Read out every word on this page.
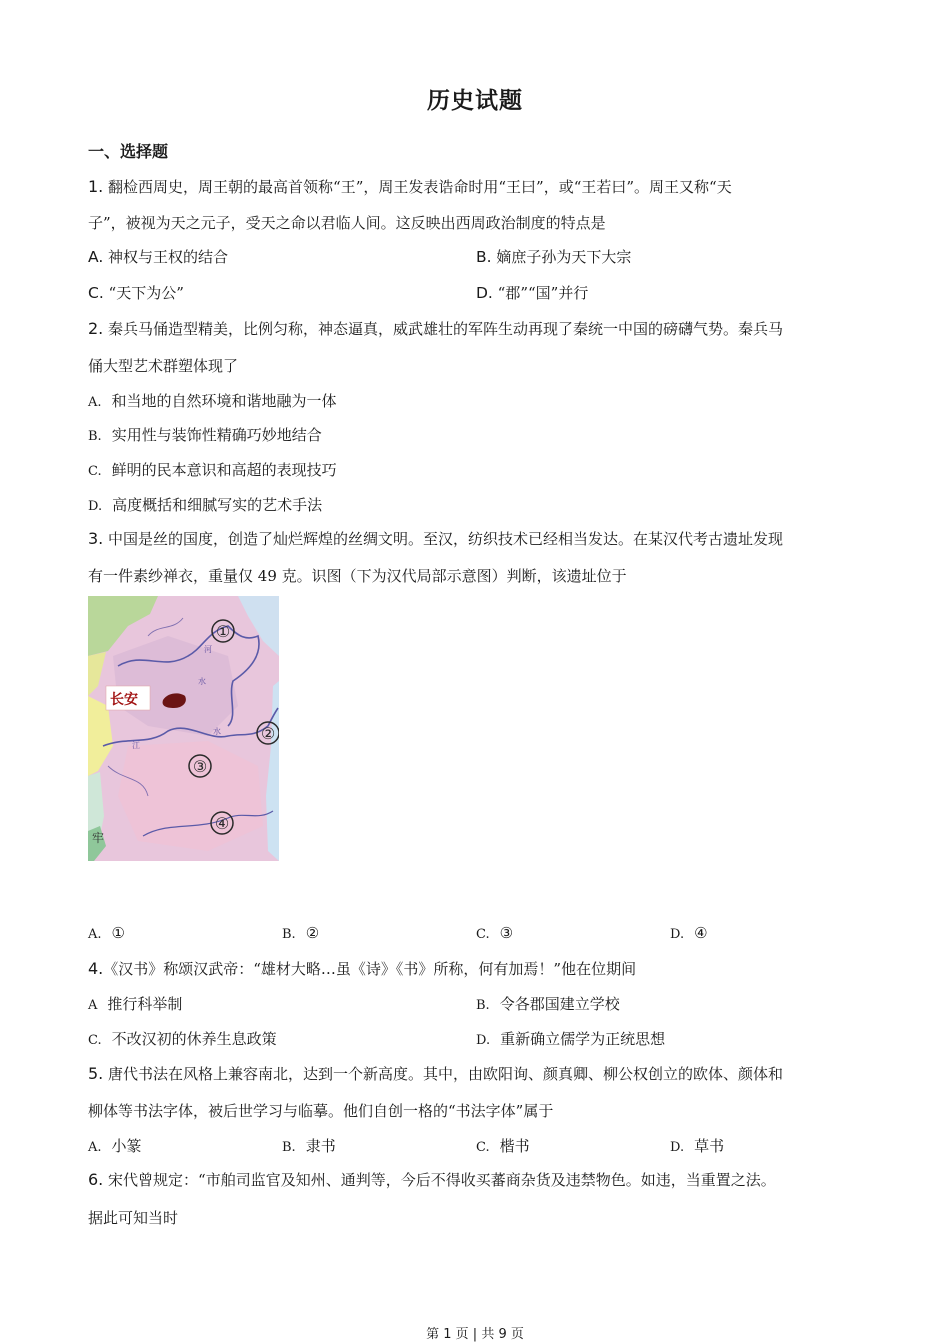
历史试题
一、选择题
1. 翻检西周史，周王朝的最高首领称“王”，周王发表诰命时用“王曰”，或“王若曰”。周王又称“天
子”，被视为天之元子，受天之命以君临人间。这反映出西周政治制度的特点是
A. 神权与王权的结合	B. 嫡庶子孙为天下大宗
C. “天下为公”	D. “郡”“国”并行
2. 秦兵马俑造型精美，比例匀称，神态逼真，威武雄壮的军阵生动再现了秦统一中国的磅礴气势。秦兵马
俑大型艺术群塑体现了
A. 和当地的自然环境和谐地融为一体
B. 实用性与装饰性精确巧妙地结合
C. 鲜明的民本意识和高超的表现技巧
D. 高度概括和细腻写实的艺术手法
3. 中国是丝的国度，创造了灿烂辉煌的丝绸文明。至汉，纺织技术已经相当发达。在某汉代考古遗址发现
有一件素纱禅衣，重量仅 49 克。识图（下为汉代局部示意图）判断，该遗址位于
长安
河
水
江
水
牢
①
②
③
④
A. ①	B. ②	C. ③	D. ④
4.《汉书》称颂汉武帝：“雄材大略…虽《诗》《书》所称，何有加焉！”他在位期间
A 推行科举制	B. 令各郡国建立学校
C. 不改汉初的休养生息政策	D. 重新确立儒学为正统思想
5. 唐代书法在风格上兼容南北，达到一个新高度。其中，由欧阳询、颜真卿、柳公权创立的欧体、颜体和
柳体等书法字体，被后世学习与临摹。他们自创一格的“书法字体”属于
A. 小篆	B. 隶书	C. 楷书	D. 草书
6. 宋代曾规定：“市舶司监官及知州、通判等，今后不得收买蕃商杂货及违禁物色。如违，当重置之法。
据此可知当时
第 1 页 | 共 9 页
